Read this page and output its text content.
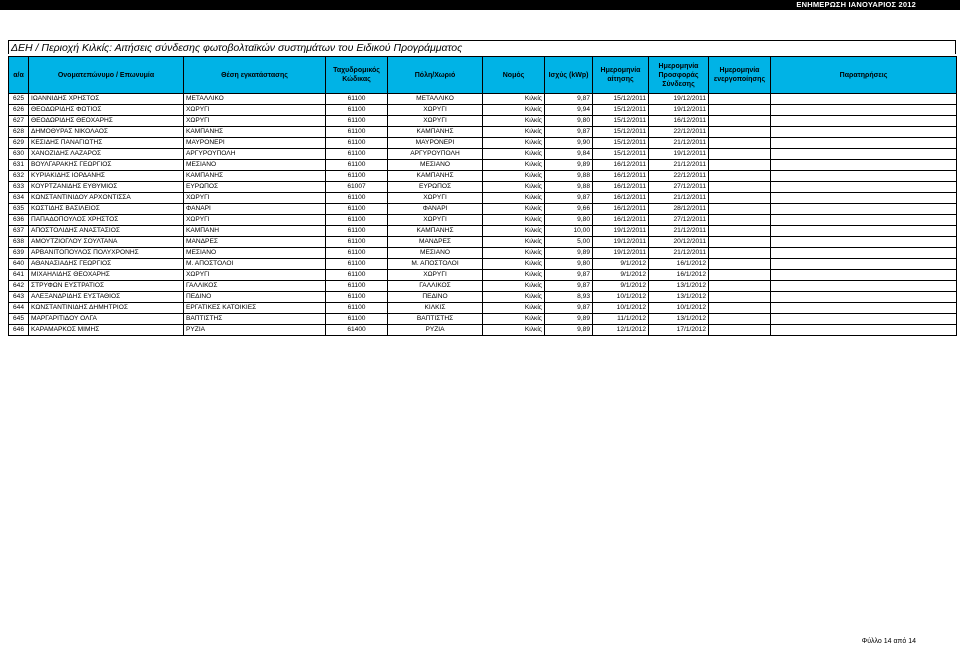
ΕΝΗΜΕΡΩΣΗ ΙΑΝΟΥΑΡΙΟΣ 2012
ΔΕΗ / Περιοχή Κιλκίς: Αιτήσεις σύνδεσης φωτοβολταϊκών συστημάτων του Ειδικού Προγράμματος
α/α	Ονοματεπώνυμο / Επωνυμία	Θέση εγκατάστασης	Ταχυδρομικός Κώδικας	Πόλη/Χωριό	Νομός	Ισχύς (kWp)	Ημερομηνία αίτησης	Ημερομηνία Προσφοράς Σύνδεσης	Ημερομηνία ενεργοποίησης	Παρατηρήσεις
625	ΙΩΑΝΝΙΔΗΣ ΧΡΗΣΤΟΣ	ΜΕΤΑΛΛΙΚΟ	61100	ΜΕΤΑΛΛΙΚΟ	Κιλκίς	9,87	15/12/2011	19/12/2011		
626	ΘΕΟΔΩΡΙΔΗΣ ΦΩΤΙΟΣ	ΧΩΡΥΓΙ	61100	ΧΩΡΥΓΙ	Κιλκίς	9,94	15/12/2011	19/12/2011		
627	ΘΕΟΔΩΡΙΔΗΣ ΘΕΟΧΑΡΗΣ	ΧΩΡΥΓΙ	61100	ΧΩΡΥΓΙ	Κιλκίς	9,80	15/12/2011	16/12/2011		
628	ΔΗΜΟΘΥΡΑΣ ΝΙΚΟΛΑΟΣ	ΚΑΜΠΑΝΗΣ	61100	ΚΑΜΠΑΝΗΣ	Κιλκίς	9,87	15/12/2011	22/12/2011		
629	ΚΕΣΙΔΗΣ ΠΑΝΑΓΙΩΤΗΣ	ΜΑΥΡΟΝΕΡΙ	61100	ΜΑΥΡΟΝΕΡΙ	Κιλκίς	9,90	15/12/2011	21/12/2011		
630	ΧΑΝΟΖΙΔΗΣ ΛΑΖΑΡΟΣ	ΑΡΓΥΡΟΥΠΟΛΗ	61100	ΑΡΓΥΡΟΥΠΟΛΗ	Κιλκίς	9,84	15/12/2011	19/12/2011		
631	ΒΟΥΛΓΑΡΑΚΗΣ ΓΕΩΡΓΙΟΣ	ΜΕΣΙΑΝΟ	61100	ΜΕΣΙΑΝΟ	Κιλκίς	9,89	16/12/2011	21/12/2011		
632	ΚΥΡΙΑΚΙΔΗΣ ΙΟΡΔΑΝΗΣ	ΚΑΜΠΑΝΗΣ	61100	ΚΑΜΠΑΝΗΣ	Κιλκίς	9,88	16/12/2011	22/12/2011		
633	ΚΟΥΡΤΖΑΝΙΔΗΣ ΕΥΘΥΜΙΟΣ	ΕΥΡΩΠΟΣ	61007	ΕΥΡΩΠΟΣ	Κιλκίς	9,88	16/12/2011	27/12/2011		
634	ΚΩΝΣΤΑΝΤΙΝΙΔΟΥ ΑΡΧΟΝΤΙΣΣΑ	ΧΩΡΥΓΙ	61100	ΧΩΡΥΓΙ	Κιλκίς	9,87	16/12/2011	21/12/2011		
635	ΚΩΣΤΙΔΗΣ ΒΑΣΙΛΕΙΟΣ	ΦΑΝΑΡΙ	61100	ΦΑΝΑΡΙ	Κιλκίς	9,66	16/12/2011	28/12/2011		
636	ΠΑΠΑΔΟΠΟΥΛΟΣ ΧΡΗΣΤΟΣ	ΧΩΡΥΓΙ	61100	ΧΩΡΥΓΙ	Κιλκίς	9,80	16/12/2011	27/12/2011		
637	ΑΠΟΣΤΟΛΙΔΗΣ ΑΝΑΣΤΑΣΙΟΣ	ΚΑΜΠΑΝΗ	61100	ΚΑΜΠΑΝΗΣ	Κιλκίς	10,00	19/12/2011	21/12/2011		
638	ΑΜΟΥΤΖΙΟΓΛΟΥ ΣΟΥΛΤΑΝΑ	ΜΑΝΔΡΕΣ	61100	ΜΑΝΔΡΕΣ	Κιλκίς	5,00	19/12/2011	20/12/2011		
639	ΑΡΒΑΝΙΤΟΠΟΥΛΟΣ ΠΟΛΥΧΡΟΝΗΣ	ΜΕΣΙΑΝΟ	61100	ΜΕΣΙΑΝΟ	Κιλκίς	9,89	19/12/2011	21/12/2011		
640	ΑΘΑΝΑΣΙΑΔΗΣ ΓΕΩΡΓΙΟΣ	Μ. ΑΠΟΣΤΟΛΟΙ	61100	Μ. ΑΠΟΣΤΟΛΟΙ	Κιλκίς	9,80	9/1/2012	16/1/2012		
641	ΜΙΧΑΗΛΙΔΗΣ ΘΕΟΧΑΡΗΣ	ΧΩΡΥΓΙ	61100	ΧΩΡΥΓΙ	Κιλκίς	9,87	9/1/2012	16/1/2012		
642	ΣΤΡΥΦΩΝ ΕΥΣΤΡΑΤΙΟΣ	ΓΑΛΛΙΚΟΣ	61100	ΓΑΛΛΙΚΟΣ	Κιλκίς	9,87	9/1/2012	13/1/2012		
643	ΑΛΕΞΑΝΔΡΙΔΗΣ ΕΥΣΤΑΘΙΟΣ	ΠΕΔΙΝΟ	61100	ΠΕΔΙΝΟ	Κιλκίς	8,93	10/1/2012	13/1/2012		
644	ΚΩΝΣΤΑΝΤΙΝΙΔΗΣ ΔΗΜΗΤΡΙΟΣ	ΕΡΓΑΤΙΚΕΣ ΚΑΤΟΙΚΙΕΣ	61100	ΚΙΛΚΙΣ	Κιλκίς	9,87	10/1/2012	10/1/2012		
645	ΜΑΡΓΑΡΙΤΙΔΟΥ ΟΛΓΑ	ΒΑΠΤΙΣΤΗΣ	61100	ΒΑΠΤΙΣΤΗΣ	Κιλκίς	9,89	11/1/2012	13/1/2012		
646	ΚΑΡΑΜΑΡΚΟΣ ΜΙΜΗΣ	ΡΥΖΙΑ	61400	ΡΥΖΙΑ	Κιλκίς	9,89	12/1/2012	17/1/2012		
Φύλλο 14 από 14
